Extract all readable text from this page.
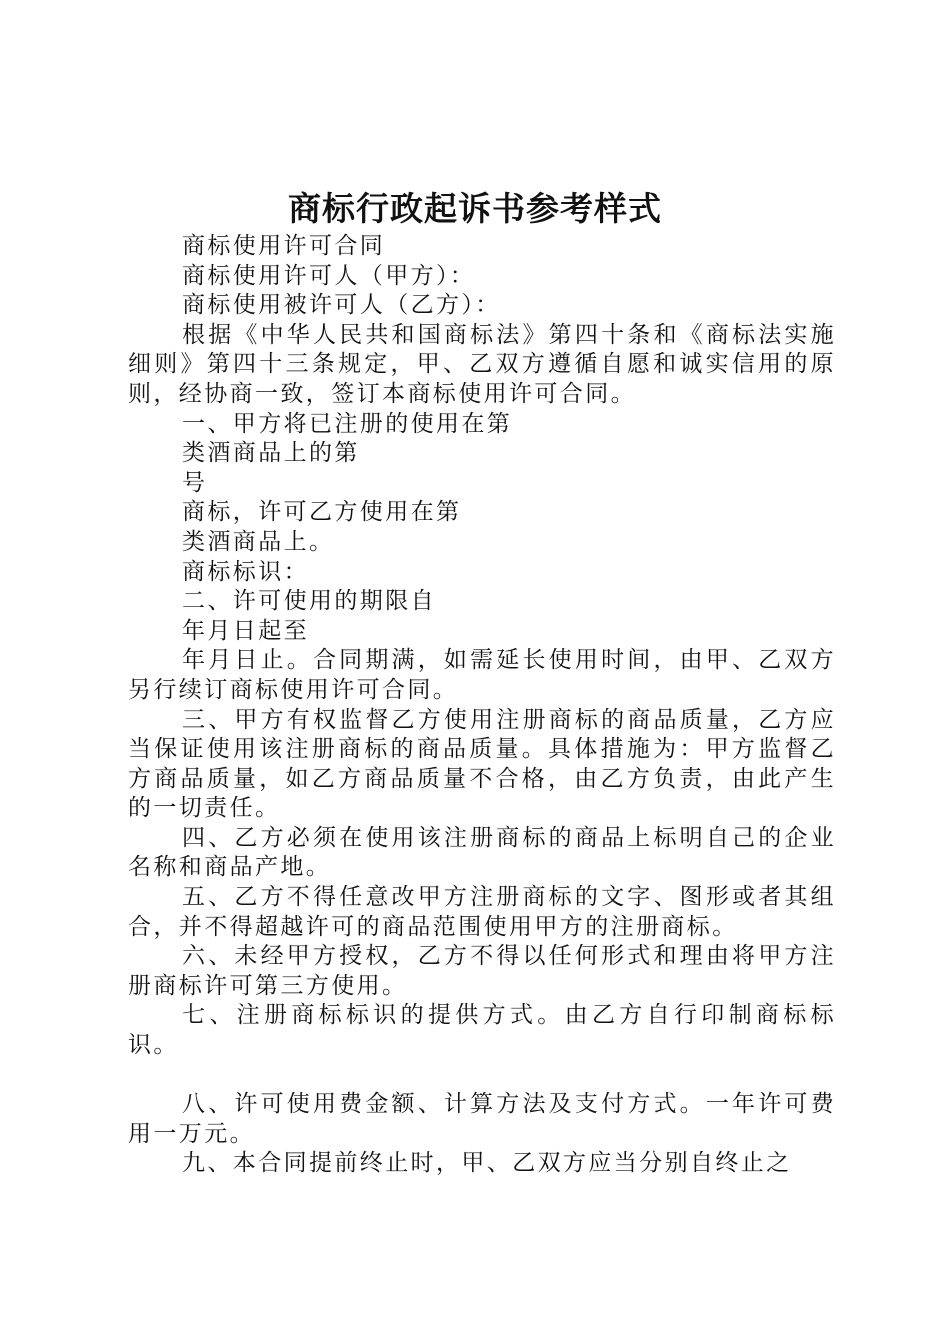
商标行政起诉书参考样式

商标使用许可合同

商标使用许可人（甲方）：

商标使用被许可人（乙方）：

根据《中华人民共和国商标法》第四十条和《商标法实施细则》第四十三条规定，甲、乙双方遵循自愿和诚实信用的原则，经协商一致，签订本商标使用许可合同。

一、甲方将已注册的使用在第

类酒商品上的第

号

商标，许可乙方使用在第

类酒商品上。

商标标识：

二、许可使用的期限自

年月日起至

年月日止。合同期满，如需延长使用时间，由甲、乙双方另行续订商标使用许可合同。

三、甲方有权监督乙方使用注册商标的商品质量，乙方应当保证使用该注册商标的商品质量。具体措施为：甲方监督乙方商品质量，如乙方商品质量不合格，由乙方负责，由此产生的一切责任。

四、乙方必须在使用该注册商标的商品上标明自己的企业名称和商品产地。

五、乙方不得任意改甲方注册商标的文字、图形或者其组合，并不得超越许可的商品范围使用甲方的注册商标。

六、未经甲方授权，乙方不得以任何形式和理由将甲方注册商标许可第三方使用。

七、注册商标标识的提供方式。由乙方自行印制商标标识。

八、许可使用费金额、计算方法及支付方式。一年许可费用一万元。

九、本合同提前终止时，甲、乙双方应当分别自终止之
